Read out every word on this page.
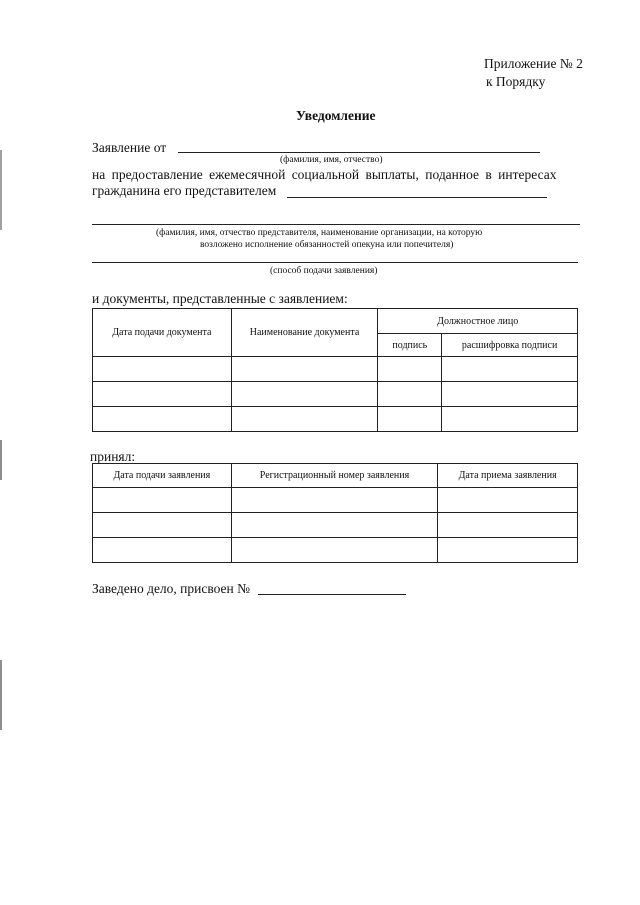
Приложение № 2
к Порядку
Уведомление
Заявление от
(фамилия, имя, отчество)
на предоставление ежемесячной социальной выплаты, поданное в интересах
гражданина его представителем
(фамилия, имя, отчество представителя, наименование организации, на которую
возложено исполнение обязанностей опекуна или попечителя)
(способ подачи заявления)
и документы, представленные с заявлением:
Дата подачи документа	Наименование документа	Должностное лицо	
		подпись	расшифровка подписи

принял:
Дата подачи заявления	Регистрационный номер заявления	Дата приема заявления

Заведено дело, присвоен №
